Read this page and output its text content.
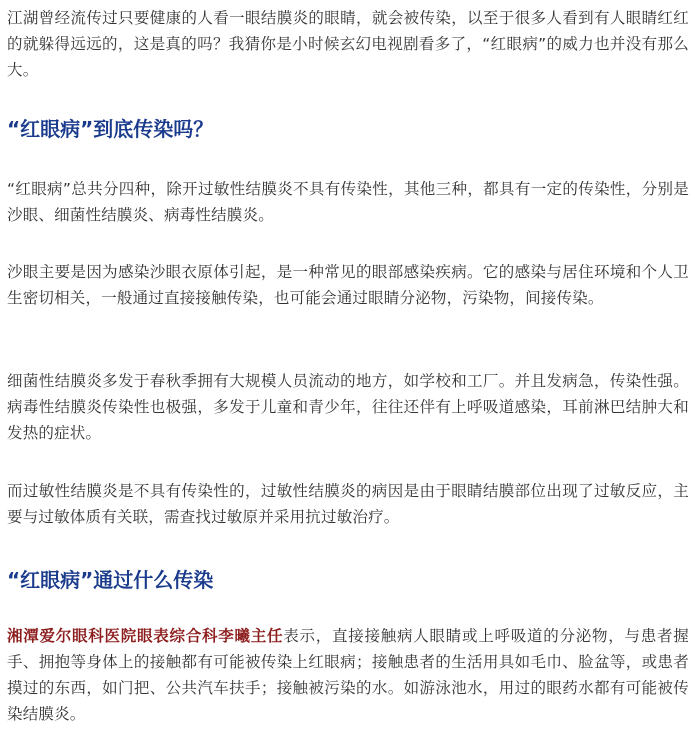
江湖曾经流传过只要健康的人看一眼结膜炎的眼睛，就会被传染，以至于很多人看到有人眼睛红红的就躲得远远的，这是真的吗？我猜你是小时候玄幻电视剧看多了，“红眼病”的威力也并没有那么大。

“红眼病”到底传染吗？

“红眼病”总共分四种，除开过敏性结膜炎不具有传染性，其他三种，都具有一定的传染性，分别是沙眼、细菌性结膜炎、病毒性结膜炎。

沙眼主要是因为感染沙眼衣原体引起，是一种常见的眼部感染疾病。它的感染与居住环境和个人卫生密切相关，一般通过直接接触传染，也可能会通过眼睛分泌物，污染物，间接传染。

细菌性结膜炎多发于春秋季拥有大规模人员流动的地方，如学校和工厂。并且发病急，传染性强。病毒性结膜炎传染性也极强，多发于儿童和青少年，往往还伴有上呼吸道感染，耳前淋巴结肿大和发热的症状。

而过敏性结膜炎是不具有传染性的，过敏性结膜炎的病因是由于眼睛结膜部位出现了过敏反应，主要与过敏体质有关联，需查找过敏原并采用抗过敏治疗。

“红眼病”通过什么传染

湘潭爱尔眼科医院眼表综合科李曦主任表示，直接接触病人眼睛或上呼吸道的分泌物，与患者握手、拥抱等身体上的接触都有可能被传染上红眼病；接触患者的生活用具如毛巾、脸盆等，或患者摸过的东西，如门把、公共汽车扶手；接触被污染的水。如游泳池水，用过的眼药水都有可能被传染结膜炎。
